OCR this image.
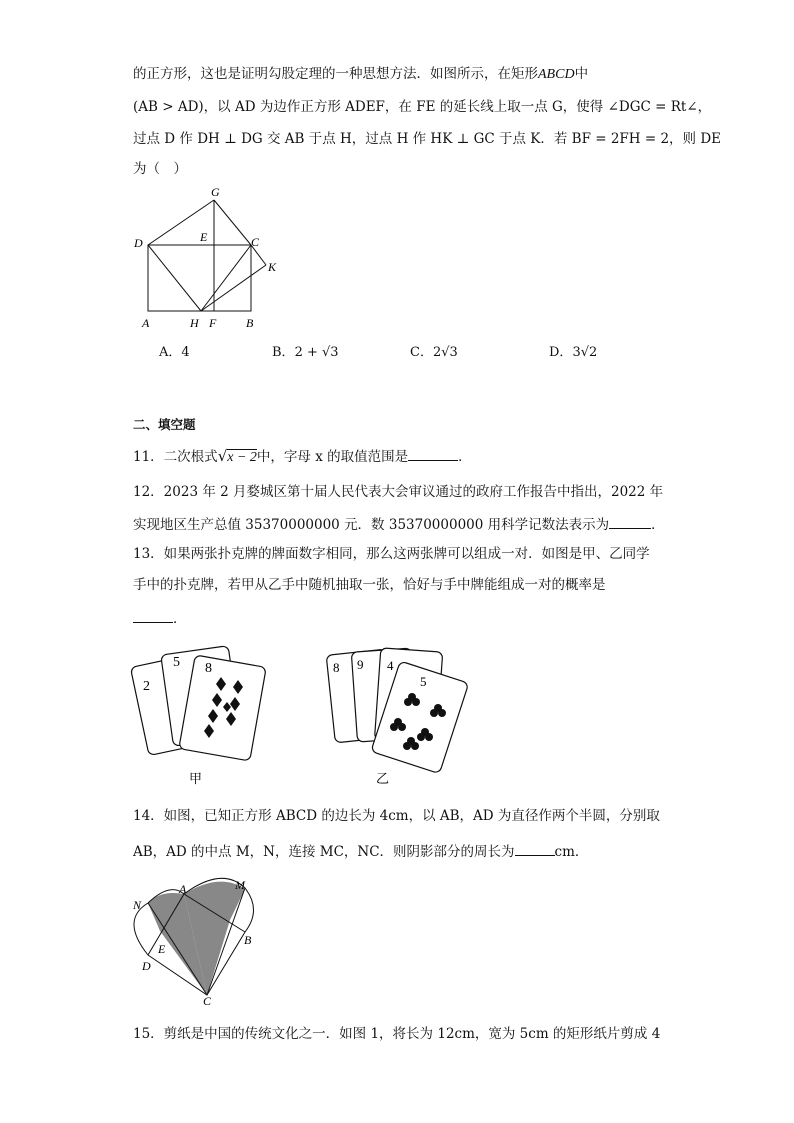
的正方形，这也是证明勾股定理的一种思想方法．如图所示，在矩形ABCD中
(AB > AD)，以 AD 为边作正方形 ADEF，在 FE 的延长线上取一点 G，使得 ∠DGC = Rt∠，
过点 D 作 DH ⊥ DG 交 AB 于点 H，过点 H 作 HK ⊥ GC 于点 K．若 BF = 2FH = 2，则 DE
为（　）
G
D	E	C
K
A	H F B
A．4	B．2 + √3	C．2√3	D．3√2
二、填空题
11．二次根式√x − 2中，字母 x 的取值范围是	．
12．2023 年 2 月婺城区第十届人民代表大会审议通过的政府工作报告中指出，2022 年
实现地区生产总值 35370000000 元．数 35370000000 用科学记数法表示为	．
13．如果两张扑克牌的牌面数字相同，那么这两张牌可以组成一对．如图是甲、乙同学
手中的扑克牌，若甲从乙手中随机抽取一张，恰好与手中牌能组成一对的概率是
．
2
5 8
甲
8 9 4
5
乙
14．如图，已知正方形 ABCD 的边长为 4cm，以 AB，AD 为直径作两个半圆，分别取
AB，AD 的中点 M，N，连接 MC，NC．则阴影部分的周长为	cm．
M
A
N
B
E
D
C
15．剪纸是中国的传统文化之一．如图 1，将长为 12cm，宽为 5cm 的矩形纸片剪成 4
